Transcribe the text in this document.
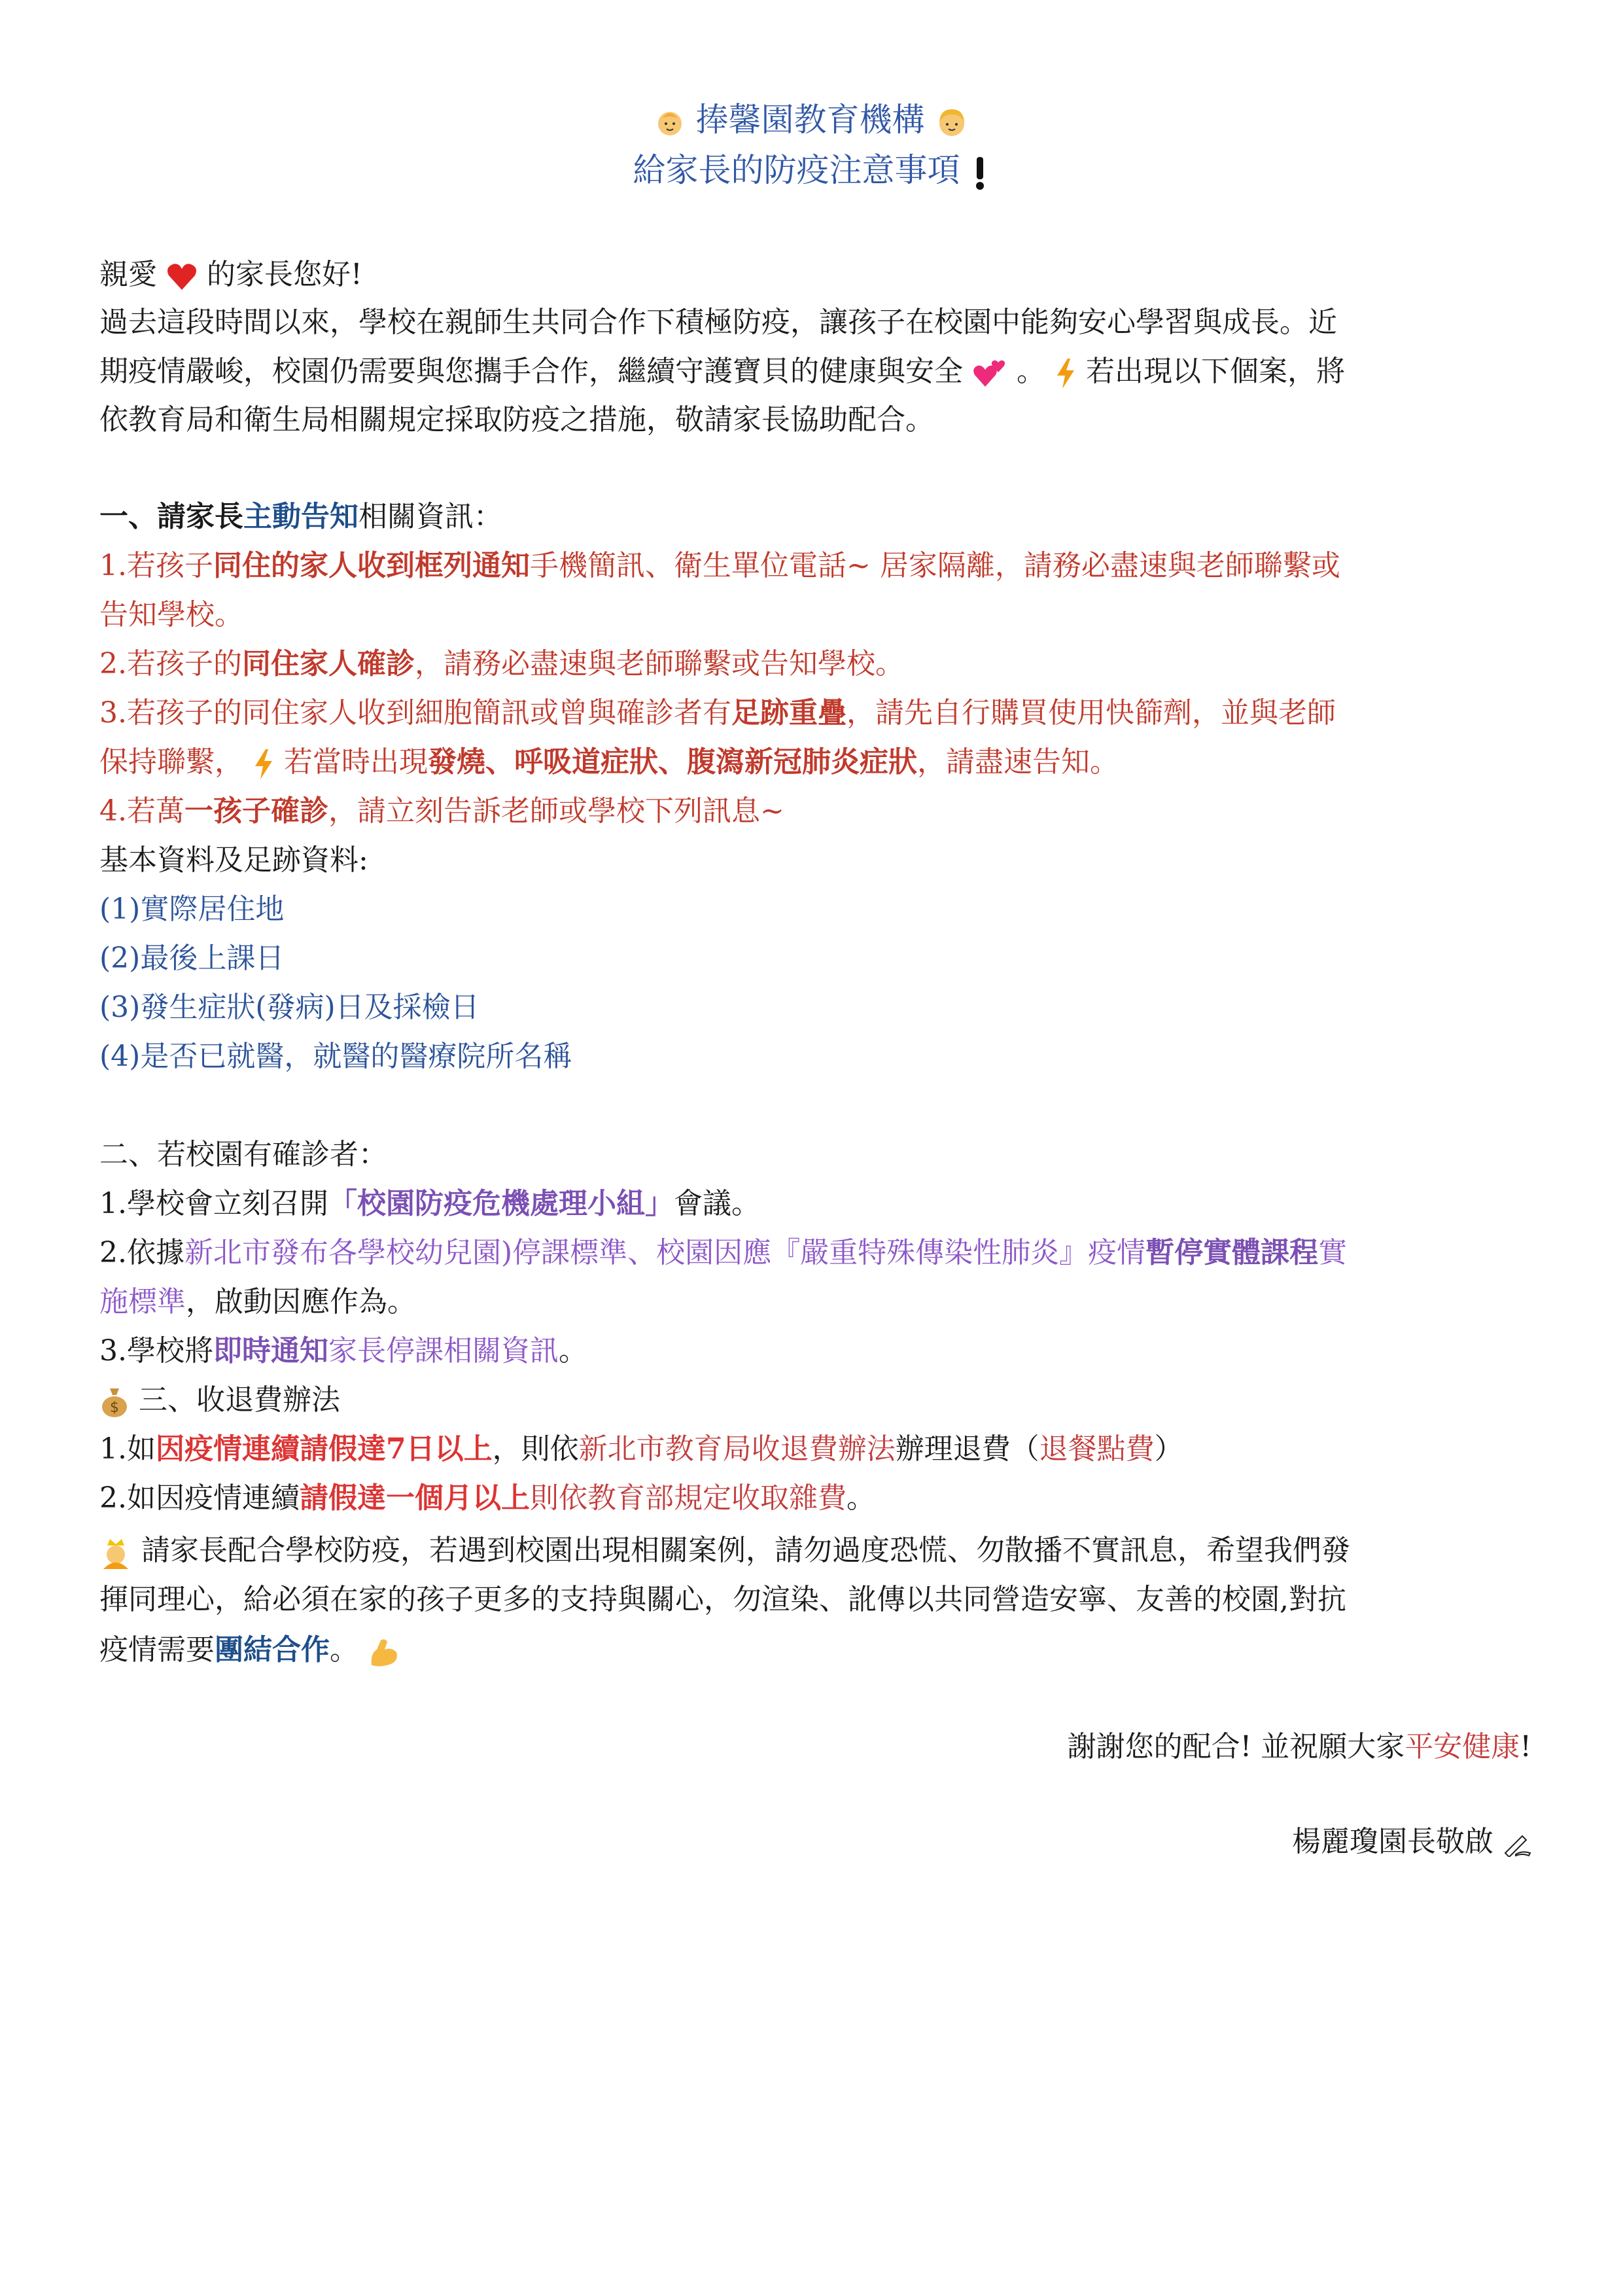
捧馨園教育機構
給家長的防疫注意事項
親愛 的家長您好!
過去這段時間以來，學校在親師生共同合作下積極防疫，讓孩子在校園中能夠安心學習與成長。近
期疫情嚴峻，校園仍需要與您攜手合作，繼續守護寶貝的健康與安全 。 若出現以下個案，將
依教育局和衛生局相關規定採取防疫之措施，敬請家長協助配合。
一、請家長主動告知相關資訊：
1.若孩子同住的家人收到框列通知手機簡訊、衛生單位電話~ 居家隔離，請務必盡速與老師聯繫或
告知學校。
2.若孩子的同住家人確診，請務必盡速與老師聯繫或告知學校。
3.若孩子的同住家人收到細胞簡訊或曾與確診者有足跡重疊，請先自行購買使用快篩劑，並與老師
保持聯繫， 若當時出現發燒、呼吸道症狀、腹瀉新冠肺炎症狀，請盡速告知。
4.若萬一孩子確診，請立刻告訴老師或學校下列訊息~
基本資料及足跡資料:
(1)實際居住地
(2)最後上課日
(3)發生症狀(發病)日及採檢日
(4)是否已就醫，就醫的醫療院所名稱
二、若校園有確診者：
1.學校會立刻召開「校園防疫危機處理小組」會議。
2.依據新北市發布各學校幼兒園)停課標準、校園因應『嚴重特殊傳染性肺炎』疫情暫停實體課程實
施標準，啟動因應作為。
3.學校將即時通知家長停課相關資訊。
$ 三、收退費辦法
1.如因疫情連續請假達7日以上，則依新北市教育局收退費辦法辦理退費（退餐點費）
2.如因疫情連續請假達一個月以上則依教育部規定收取雜費。
請家長配合學校防疫，若遇到校園出現相關案例，請勿過度恐慌、勿散播不實訊息，希望我們發
揮同理心，給必須在家的孩子更多的支持與關心，勿渲染、訛傳以共同營造安寧、友善的校園,對抗
疫情需要團結合作。
謝謝您的配合! 並祝願大家平安健康!
楊麗瓊園長敬啟
